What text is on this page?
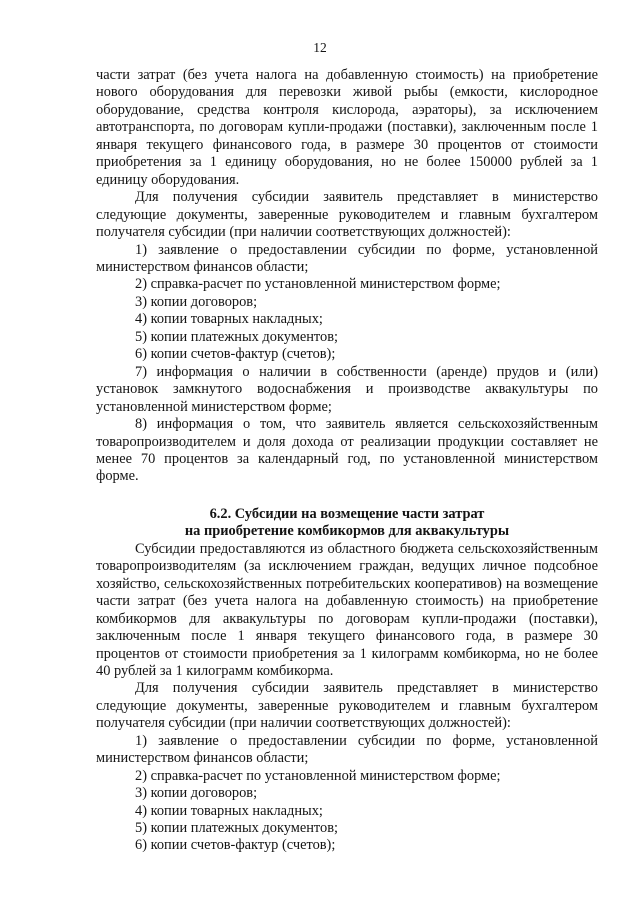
12

части затрат (без учета налога на добавленную стоимость) на приобретение нового оборудования для перевозки живой рыбы (емкости, кислородное оборудование, средства контроля кислорода, аэраторы), за исключением автотранспорта, по договорам купли-продажи (поставки), заключенным после 1 января текущего финансового года, в размере 30 процентов от стоимости приобретения за 1 единицу оборудования, но не более 150000 рублей за 1 единицу оборудования.

Для получения субсидии заявитель представляет в министерство следующие документы, заверенные руководителем и главным бухгалтером получателя субсидии (при наличии соответствующих должностей):

1) заявление о предоставлении субсидии по форме, установленной министерством финансов области;

2) справка-расчет по установленной министерством форме;

3) копии договоров;

4) копии товарных накладных;

5) копии платежных документов;

6) копии счетов-фактур (счетов);

7) информация о наличии в собственности (аренде) прудов и (или) установок замкнутого водоснабжения и производстве аквакультуры по установленной министерством форме;

8) информация о том, что заявитель является сельскохозяйственным товаропроизводителем и доля дохода от реализации продукции составляет не менее 70 процентов за календарный год, по установленной министерством форме.

6.2. Субсидии на возмещение части затрат
на приобретение комбикормов для аквакультуры

Субсидии предоставляются из областного бюджета сельскохозяйственным товаропроизводителям (за исключением граждан, ведущих личное подсобное хозяйство, сельскохозяйственных потребительских кооперативов) на возмещение части затрат (без учета налога на добавленную стоимость) на приобретение комбикормов для аквакультуры по договорам купли-продажи (поставки), заключенным после 1 января текущего финансового года, в размере 30 процентов от стоимости приобретения за 1 килограмм комбикорма, но не более 40 рублей за 1 килограмм комбикорма.

Для получения субсидии заявитель представляет в министерство следующие документы, заверенные руководителем и главным бухгалтером получателя субсидии (при наличии соответствующих должностей):

1) заявление о предоставлении субсидии по форме, установленной министерством финансов области;

2) справка-расчет по установленной министерством форме;

3) копии договоров;

4) копии товарных накладных;

5) копии платежных документов;

6) копии счетов-фактур (счетов);
